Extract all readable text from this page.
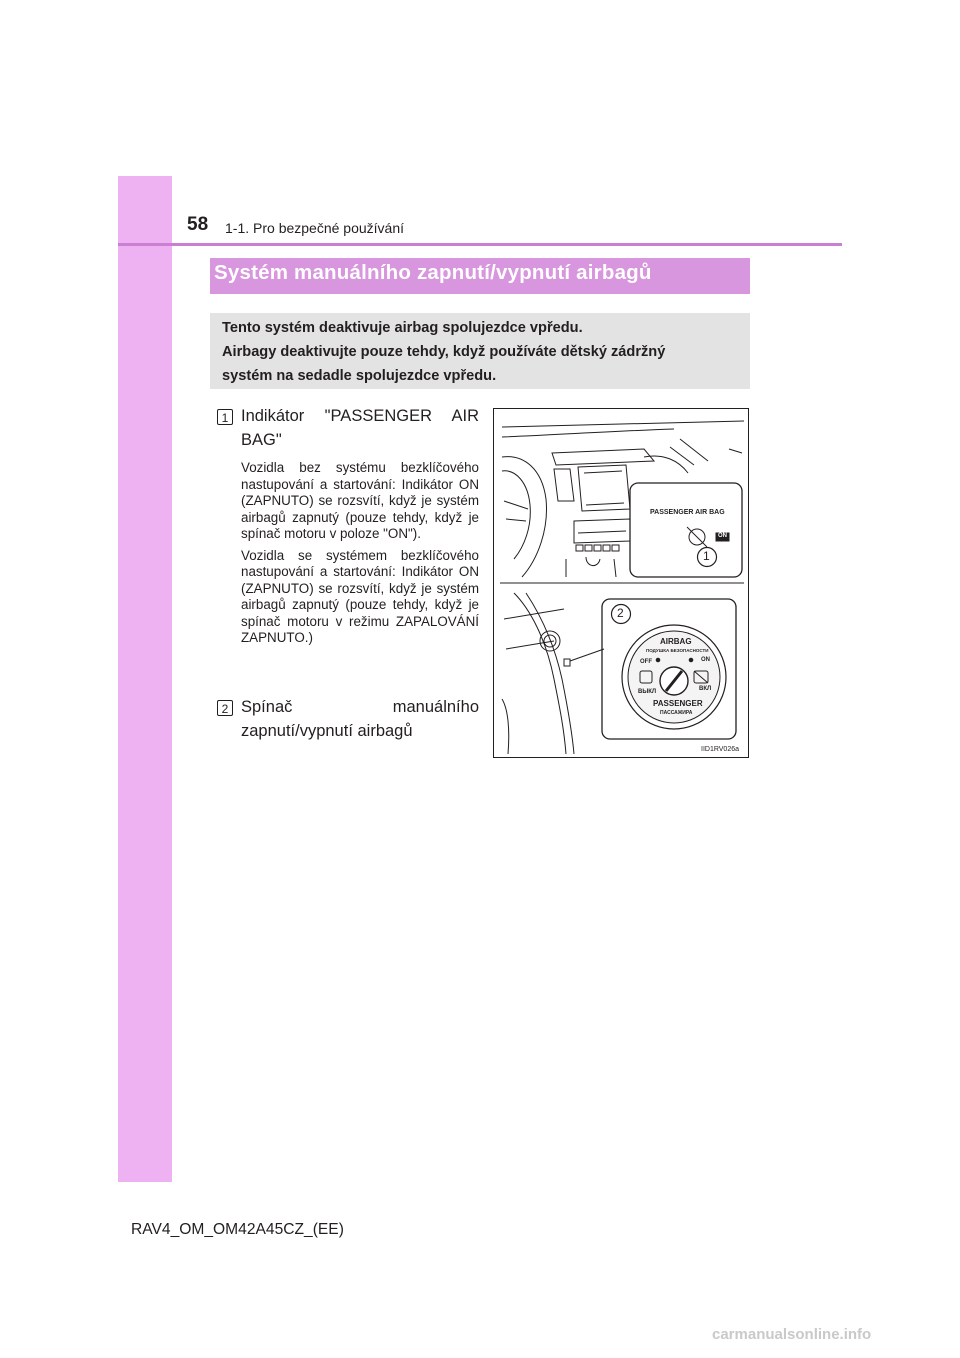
58 1-1. Pro bezpečné používání
Systém manuálního zapnutí/vypnutí airbagů
Tento systém deaktivuje airbag spolujezdce vpředu.
Airbagy deaktivujte pouze tehdy, když používáte dětský zádržný
systém na sedadle spolujezdce vpředu.
1 Indikátor "PASSENGER AIR BAG"
Vozidla bez systému bezklíčového nastupování a startování: Indikátor ON (ZAPNUTO) se rozsvítí, když je systém airbagů zapnutý (pouze tehdy, když je spínač motoru v poloze "ON").
Vozidla se systémem bezklíčového nastupování a startování: Indikátor ON (ZAPNUTO) se rozsvítí, když je systém airbagů zapnutý (pouze tehdy, když je spínač motoru v režimu ZAPALOVÁNÍ ZAPNUTO.)
2 Spínač manuálního zapnutí/vypnutí airbagů
PASSENGER AIR BAG
ON
1
2
AIRBAG
ПОДУШКА БЕЗОПАСНОСТИ
OFF
ВЫКЛ
ON
ВКЛ
PASSENGER
ПАССАЖИРА
IID1RV026a
RAV4_OM_OM42A45CZ_(EE)
carmanualsonline.info
